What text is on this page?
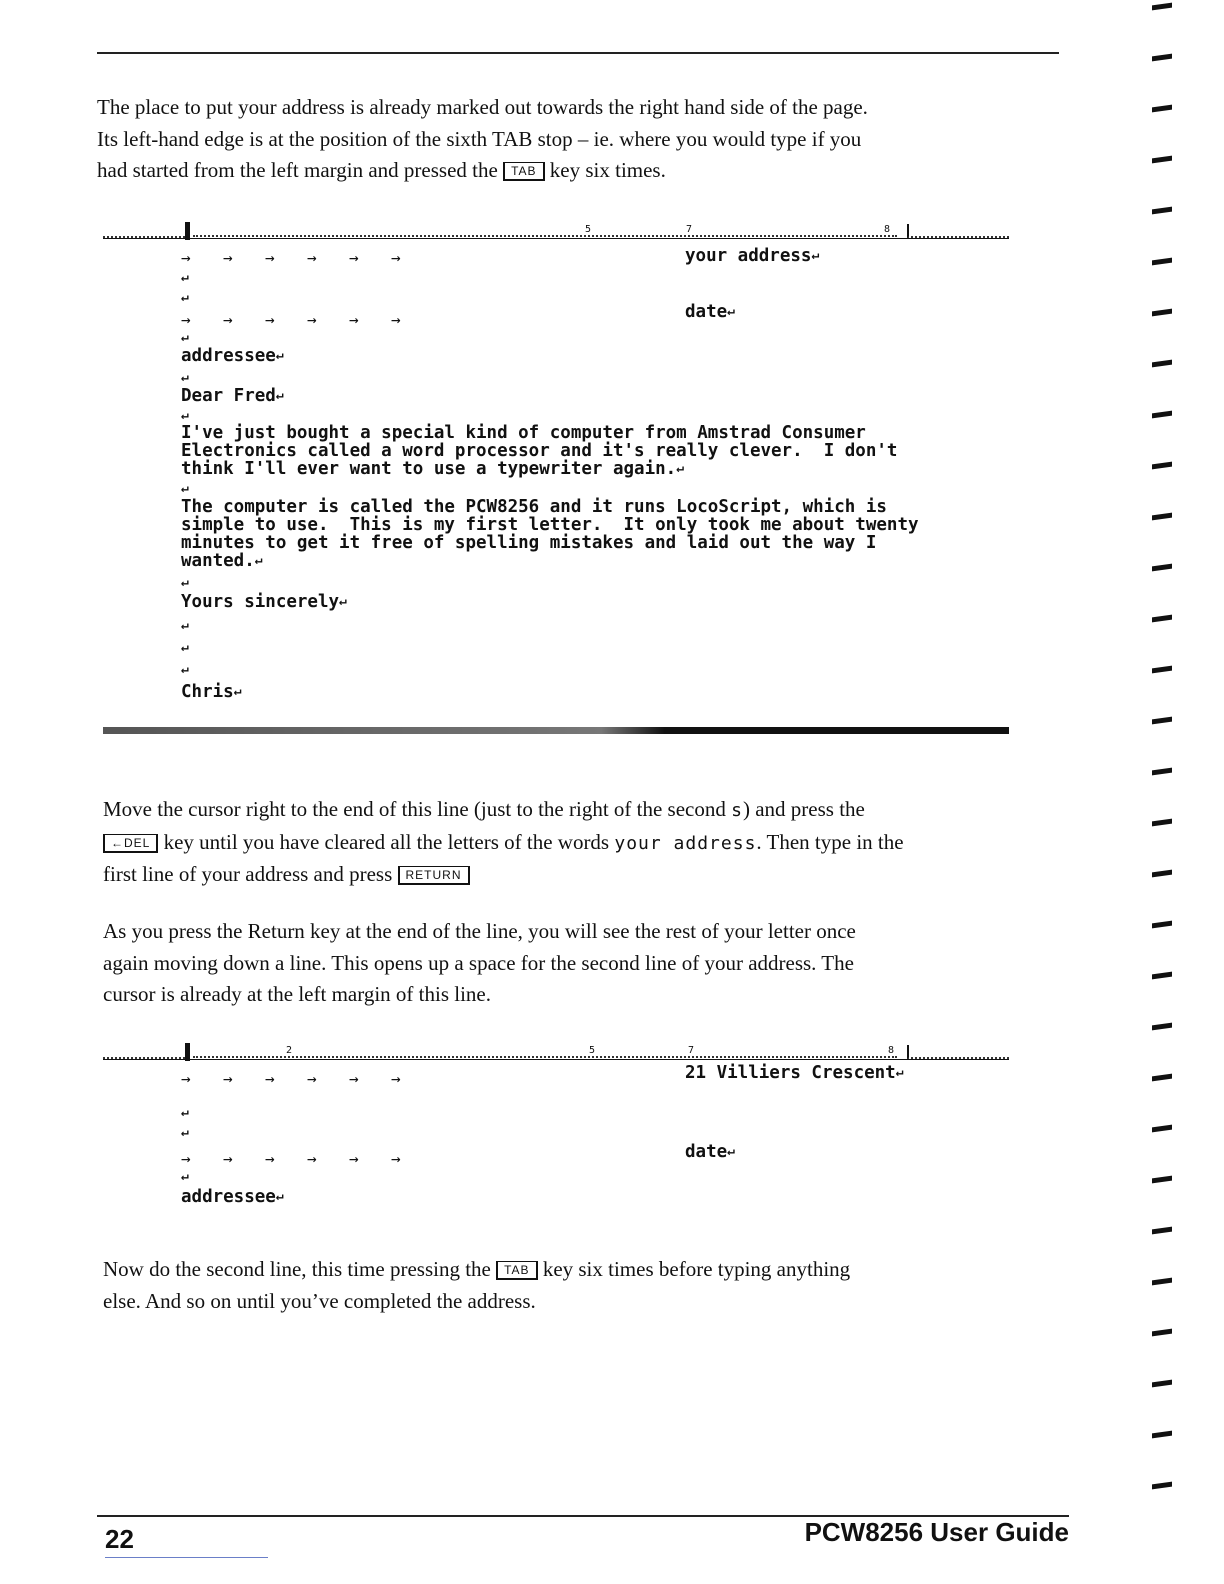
The place to put your address is already marked out towards the right hand side of the page.
Its left-hand edge is at the position of the sixth TAB stop – ie. where you would type if you
had started from the left margin and pressed the TAB key six times.

5	7	8
→ → → → → →	your address↵
↵
↵
→ → → → → →	date↵
↵
addressee↵
↵
Dear Fred↵
↵
I've just bought a special kind of computer from Amstrad Consumer
Electronics called a word processor and it's really clever.  I don't
think I'll ever want to use a typewriter again.↵
↵
The computer is called the PCW8256 and it runs LocoScript, which is
simple to use.  This is my first letter.  It only took me about twenty
minutes to get it free of spelling mistakes and laid out the way I
wanted.↵
↵
Yours sincerely↵
↵
↵
↵
Chris↵

Move the cursor right to the end of this line (just to the right of the second s) and press the
←DEL key until you have cleared all the letters of the words your address. Then type in the
first line of your address and press RETURN

As you press the Return key at the end of the line, you will see the rest of your letter once
again moving down a line. This opens up a space for the second line of your address. The
cursor is already at the left margin of this line.

2	5	7	8
→ → → → → →	21 Villiers Crescent↵
↵
↵
→ → → → → →	date↵
↵
addressee↵

Now do the second line, this time pressing the TAB key six times before typing anything
else. And so on until you’ve completed the address.

22	PCW8256 User Guide
